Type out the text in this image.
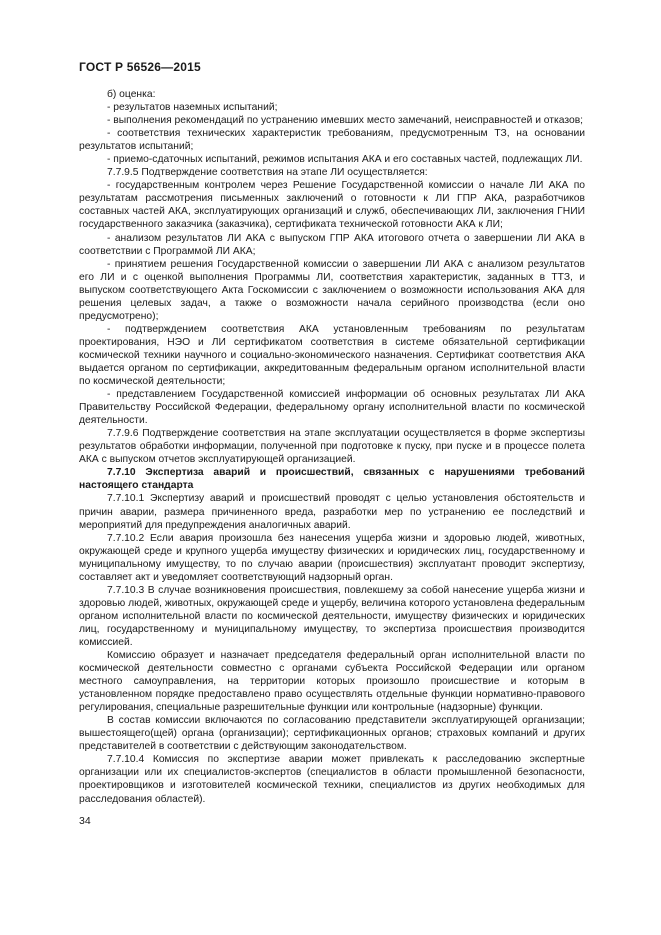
ГОСТ Р 56526—2015

б) оценка:

- результатов наземных испытаний;

- выполнения рекомендаций по устранению имевших место замечаний, неисправностей и отказов;

- соответствия технических характеристик требованиям, предусмотренным ТЗ, на основании результатов испытаний;

- приемо-сдаточных испытаний, режимов испытания АКА и его составных частей, подлежащих ЛИ.

7.7.9.5 Подтверждение соответствия на этапе ЛИ осуществляется:

- государственным контролем через Решение Государственной комиссии о начале ЛИ АКА по результатам рассмотрения письменных заключений о готовности к ЛИ ГПР АКА, разработчиков составных частей АКА, эксплуатирующих организаций и служб, обеспечивающих ЛИ, заключения ГНИИ государственного заказчика (заказчика), сертификата технической готовности АКА к ЛИ;

- анализом результатов ЛИ АКА с выпуском ГПР АКА итогового отчета о завершении ЛИ АКА в соответствии с Программой ЛИ АКА;

- принятием решения Государственной комиссии о завершении ЛИ АКА с анализом результатов его ЛИ и с оценкой выполнения Программы ЛИ, соответствия характеристик, заданных в ТТЗ, и выпуском соответствующего Акта Госкомиссии с заключением о возможности использования АКА для решения целевых задач, а также о возможности начала серийного производства (если оно предусмотрено);

- подтверждением соответствия АКА установленным требованиям по результатам проектирования, НЭО и ЛИ сертификатом соответствия в системе обязательной сертификации космической техники научного и социально-экономического назначения. Сертификат соответствия АКА выдается органом по сертификации, аккредитованным федеральным органом исполнительной власти по космической деятельности;

- представлением Государственной комиссией информации об основных результатах ЛИ АКА Правительству Российской Федерации, федеральному органу исполнительной власти по космической деятельности.

7.7.9.6 Подтверждение соответствия на этапе эксплуатации осуществляется в форме экспертизы результатов обработки информации, полученной при подготовке к пуску, при пуске и в процессе полета АКА с выпуском отчетов эксплуатирующей организацией.

7.7.10 Экспертиза аварий и происшествий, связанных с нарушениями требований настоящего стандарта

7.7.10.1 Экспертизу аварий и происшествий проводят с целью установления обстоятельств и причин аварии, размера причиненного вреда, разработки мер по устранению ее последствий и мероприятий для предупреждения аналогичных аварий.

7.7.10.2 Если авария произошла без нанесения ущерба жизни и здоровью людей, животных, окружающей среде и крупного ущерба имуществу физических и юридических лиц, государственному и муниципальному имуществу, то по случаю аварии (происшествия) эксплуатант проводит экспертизу, составляет акт и уведомляет соответствующий надзорный орган.

7.7.10.3 В случае возникновения происшествия, повлекшему за собой нанесение ущерба жизни и здоровью людей, животных, окружающей среде и ущербу, величина которого установлена федеральным органом исполнительной власти по космической деятельности, имуществу физических и юридических лиц, государственному и муниципальному имуществу, то экспертиза происшествия производится комиссией.

Комиссию образует и назначает председателя федеральный орган исполнительной власти по космической деятельности совместно с органами субъекта Российской Федерации или органом местного самоуправления, на территории которых произошло происшествие и которым в установленном порядке предоставлено право осуществлять отдельные функции нормативно-правового регулирования, специальные разрешительные функции или контрольные (надзорные) функции.

В состав комиссии включаются по согласованию представители эксплуатирующей организации; вышестоящего(щей) органа (организации); сертификационных органов; страховых компаний и других представителей в соответствии с действующим законодательством.

7.7.10.4 Комиссия по экспертизе аварии может привлекать к расследованию экспертные организации или их специалистов-экспертов (специалистов в области промышленной безопасности, проектировщиков и изготовителей космической техники, специалистов из других необходимых для расследования областей).

34
